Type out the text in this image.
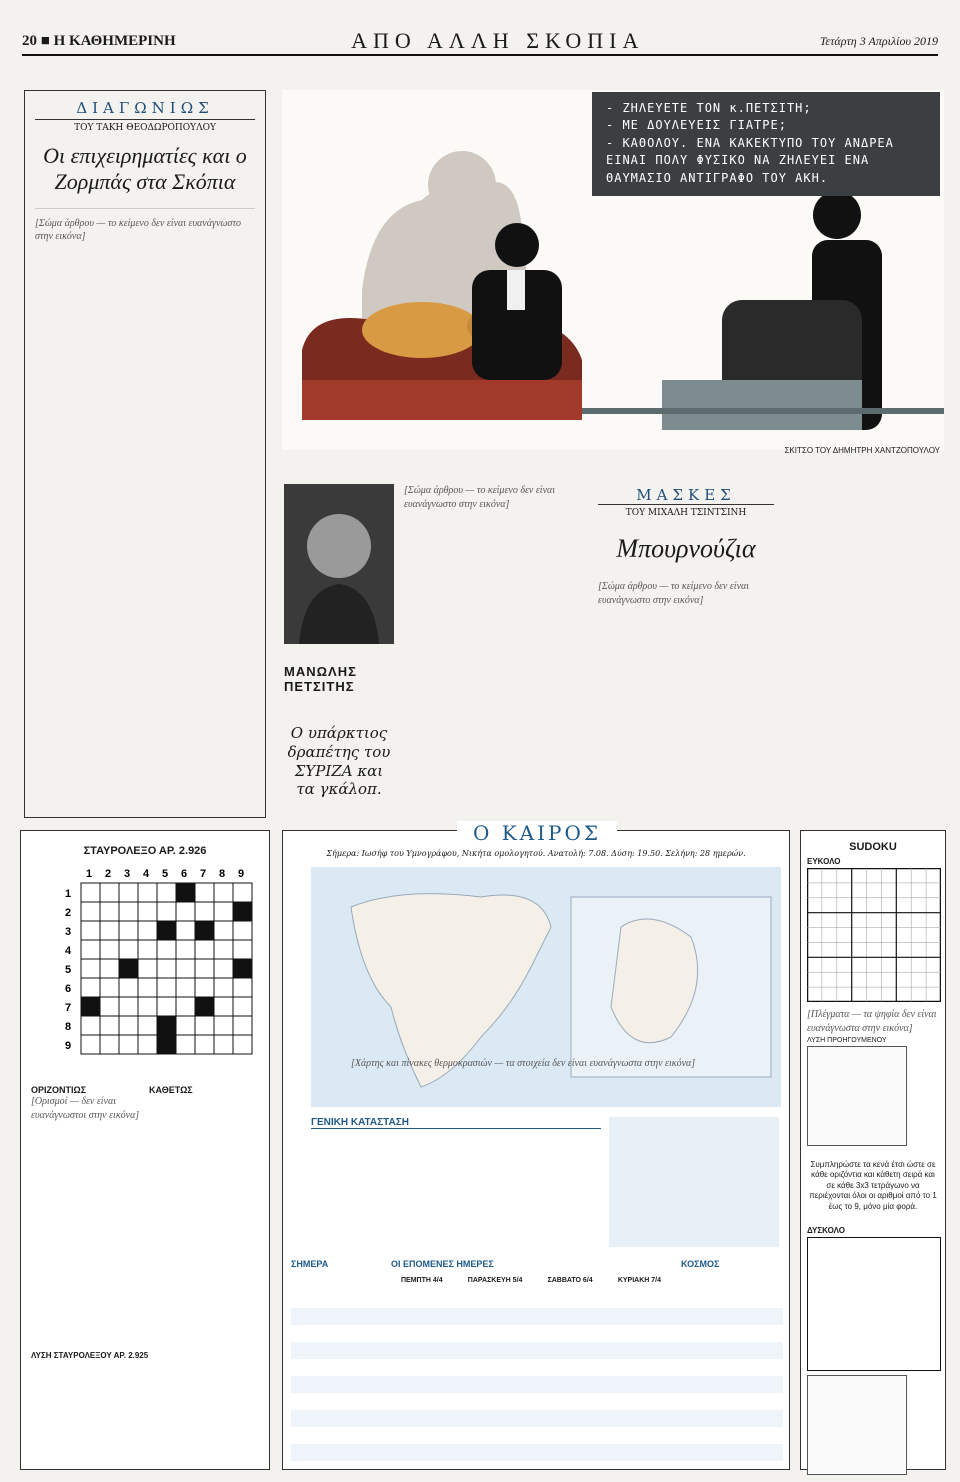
20 ■ Η ΚΑΘΗΜΕΡΙΝΗ	ΑΠΟ ΑΛΛΗ ΣΚΟΠΙΑ	Τετάρτη 3 Απριλίου 2019
ΔΙΑΓΩΝΙΩΣ
ΤΟΥ ΤΑΚΗ ΘΕΟΔΩΡΟΠΟΥΛΟΥ
Οι επιχειρηματίες και ο Ζορμπάς στα Σκόπια
[Σώμα άρθρου — το κείμενο δεν είναι ευανάγνωστο στην εικόνα]
- ΖΗΛΕΥΕΤΕ ΤΟΝ κ.ΠΕΤΣΙΤΗ;
- ΜΕ ΔΟΥΛΕΥΕΙΣ ΓΙΑΤΡΕ;
- ΚΑΘΟΛΟΥ. ΕΝΑ ΚΑΚΕΚΤΥΠΟ ΤΟΥ ΑΝΔΡΕΑ ΕΙΝΑΙ ΠΟΛΥ ΦΥΣΙΚΟ ΝΑ ΖΗΛΕΥΕΙ ΕΝΑ ΘΑΥΜΑΣΙΟ ΑΝΤΙΓΡΑΦΟ ΤΟΥ ΑΚΗ.
ΣΚΙΤΣΟ ΤΟΥ ΔΗΜΗΤΡΗ ΧΑΝΤΖΟΠΟΥΛΟΥ
ΜΑΝΩΛΗΣ
ΠΕΤΣΙΤΗΣ
Ο υπάρκτιος δραπέτης του ΣΥΡΙΖΑ και τα γκάλοπ.
[Σώμα άρθρου — το κείμενο δεν είναι ευανάγνωστο στην εικόνα]	ΜΑΣΚΕΣ
ΤΟΥ ΜΙΧΑΛΗ ΤΣΙΝΤΣΙΝΗ
Μπουρνούζια
[Σώμα άρθρου — το κείμενο δεν είναι ευανάγνωστο στην εικόνα]
ΣΤΑΥΡΟΛΕΞΟ ΑΡ. 2.926
1 2 3 4 5 6 7 8 9
1
2
3
4
5
6
7
8
9
ΟΡΙΖΟΝΤΙΩΣ
[Ορισμοί — δεν είναι ευανάγνωστοι στην εικόνα]
ΚΑΘΕΤΩΣ
ΛΥΣΗ ΣΤΑΥΡΟΛΕΞΟΥ ΑΡ. 2.925
Ο ΚΑΙΡΟΣ
Σήμερα: Ιωσήφ του Υμνογράφου, Νικήτα ομολογητού. Ανατολή: 7.08. Δύση: 19.50. Σελήνη: 28 ημερών.
[Χάρτης και πίνακες θερμοκρασιών — τα στοιχεία δεν είναι ευανάγνωστα στην εικόνα]
ΓΕΝΙΚΗ ΚΑΤΑΣΤΑΣΗ
ΣΗΜΕΡΑ	ΟΙ ΕΠΟΜΕΝΕΣ ΗΜΕΡΕΣ	ΚΟΣΜΟΣ
ΠΕΜΠΤΗ 4/4	ΠΑΡΑΣΚΕΥΗ 5/4	ΣΑΒΒΑΤΟ 6/4	ΚΥΡΙΑΚΗ 7/4
SUDOKU
ΕΥΚΟΛΟ
[Πλέγματα — τα ψηφία δεν είναι ευανάγνωστα στην εικόνα]
ΛΥΣΗ ΠΡΟΗΓΟΥΜΕΝΟΥ
Συμπληρώστε τα κενά έτσι ώστε σε κάθε οριζόντια και κάθετη σειρά και σε κάθε 3x3 τετράγωνο να περιέχονται όλοι οι αριθμοί από το 1 έως το 9, μόνο μία φορά.
ΔΥΣΚΟΛΟ
